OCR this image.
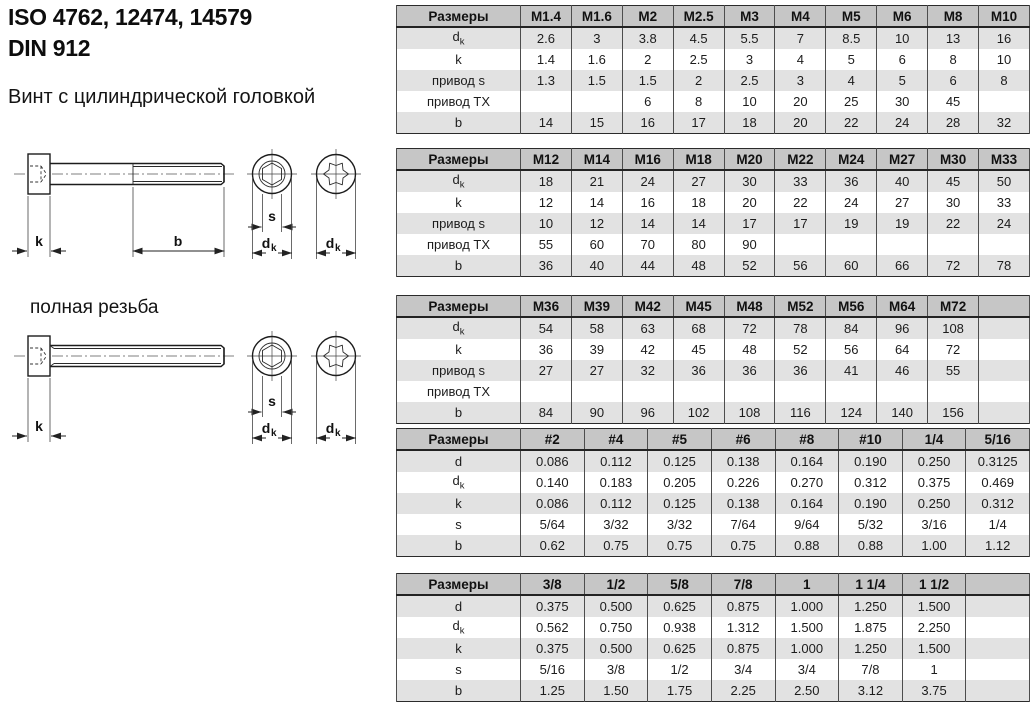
ISO 4762, 12474, 14579
DIN 912
Винт с цилиндрической головкой
полная резьба
k	b
s
d k	d k
k
s
d k	d k
Размеры	M1.4	M1.6	M2	M2.5	M3	M4	M5	M6	M8	M10
$d_k$	2.6	3	3.8	4.5	5.5	7	8.5	10	13	16
k	1.4	1.6	2	2.5	3	4	5	6	8	10
привод s	1.3	1.5	1.5	2	2.5	3	4	5	6	8
привод TX			6	8	10	20	25	30	45	
b	14	15	16	17	18	20	22	24	28	32
Размеры	M12	M14	M16	M18	M20	M22	M24	M27	M30	M33
$d_k$	18	21	24	27	30	33	36	40	45	50
k	12	14	16	18	20	22	24	27	30	33
привод s	10	12	14	14	17	17	19	19	22	24
привод TX	55	60	70	80	90					
b	36	40	44	48	52	56	60	66	72	78
Размеры	M36	M39	M42	M45	M48	M52	M56	M64	M72	
$d_k$	54	58	63	68	72	78	84	96	108	
k	36	39	42	45	48	52	56	64	72	
привод s	27	27	32	36	36	36	41	46	55	
привод TX										
b	84	90	96	102	108	116	124	140	156	
Размеры	#2	#4	#5	#6	#8	#10	1/4	5/16
d	0.086	0.112	0.125	0.138	0.164	0.190	0.250	0.3125
$d_k$	0.140	0.183	0.205	0.226	0.270	0.312	0.375	0.469
k	0.086	0.112	0.125	0.138	0.164	0.190	0.250	0.312
s	5/64	3/32	3/32	7/64	9/64	5/32	3/16	1/4
b	0.62	0.75	0.75	0.75	0.88	0.88	1.00	1.12
Размеры	3/8	1/2	5/8	7/8	1	1 1/4	1 1/2	
d	0.375	0.500	0.625	0.875	1.000	1.250	1.500	
$d_k$	0.562	0.750	0.938	1.312	1.500	1.875	2.250	
k	0.375	0.500	0.625	0.875	1.000	1.250	1.500	
s	5/16	3/8	1/2	3/4	3/4	7/8	1	
b	1.25	1.50	1.75	2.25	2.50	3.12	3.75	
